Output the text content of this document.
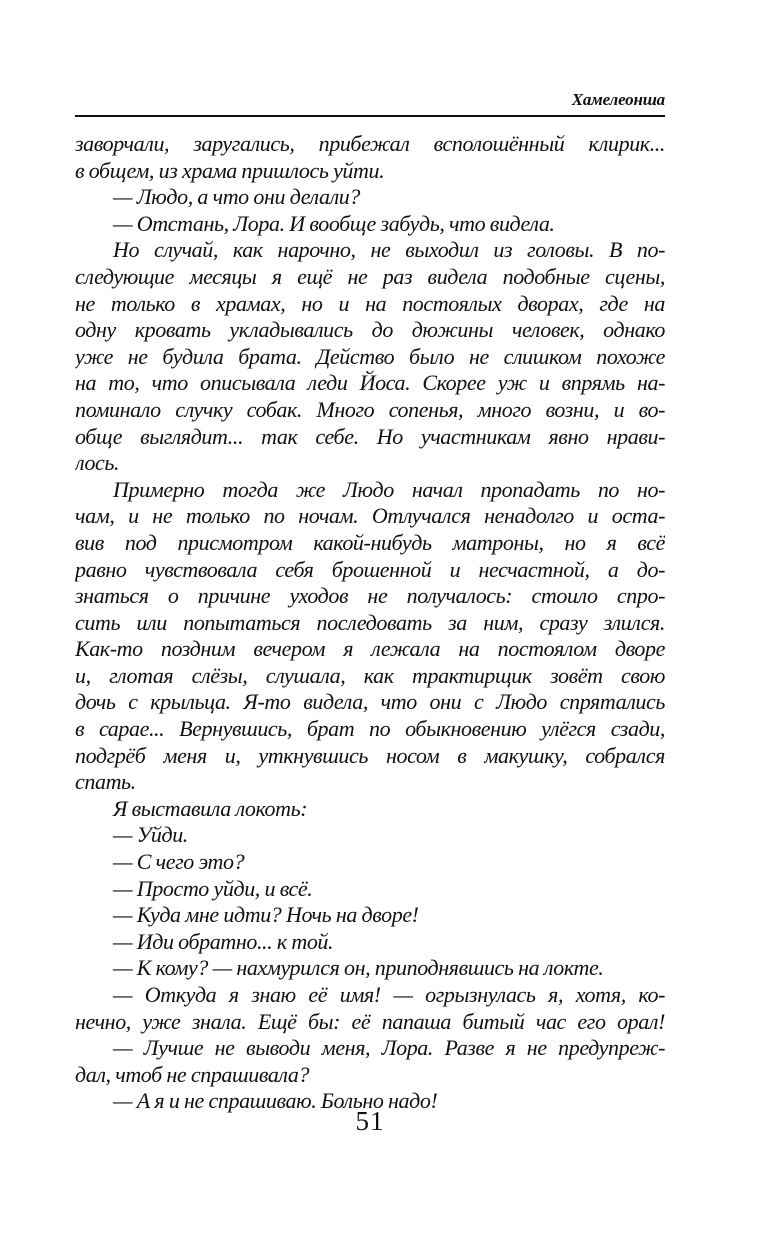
Хамелеонша
заворчали, заругались, прибежал всполошённый клирик...
в общем, из храма пришлось уйти.
— Людо, а что они делали?
— Отстань, Лора. И вообще забудь, что видела.
Но случай, как нарочно, не выходил из головы. В по-
следующие месяцы я ещё не раз видела подобные сцены,
не только в храмах, но и на постоялых дворах, где на
одну кровать укладывались до дюжины человек, однако
уже не будила брата. Действо было не слишком похоже
на то, что описывала леди Йоса. Скорее уж и впрямь на-
поминало случку собак. Много сопенья, много возни, и во-
обще выглядит... так себе. Но участникам явно нрави-
лось.
Примерно тогда же Людо начал пропадать по но-
чам, и не только по ночам. Отлучался ненадолго и оста-
вив под присмотром какой-нибудь матроны, но я всё
равно чувствовала себя брошенной и несчастной, а до-
знаться о причине уходов не получалось: стоило спро-
сить или попытаться последовать за ним, сразу злился.
Как-то поздним вечером я лежала на постоялом дворе
и, глотая слёзы, слушала, как трактирщик зовёт свою
дочь с крыльца. Я-то видела, что они с Людо спрятались
в сарае... Вернувшись, брат по обыкновению улёгся сзади,
подгрёб меня и, уткнувшись носом в макушку, собрался
спать.
Я выставила локоть:
— Уйди.
— С чего это?
— Просто уйди, и всё.
— Куда мне идти? Ночь на дворе!
— Иди обратно... к той.
— К кому? — нахмурился он, приподнявшись на локте.
— Откуда я знаю её имя! — огрызнулась я, хотя, ко-
нечно, уже знала. Ещё бы: её папаша битый час его орал!
— Лучше не выводи меня, Лора. Разве я не предупреж-
дал, чтоб не спрашивала?
— А я и не спрашиваю. Больно надо!
51
